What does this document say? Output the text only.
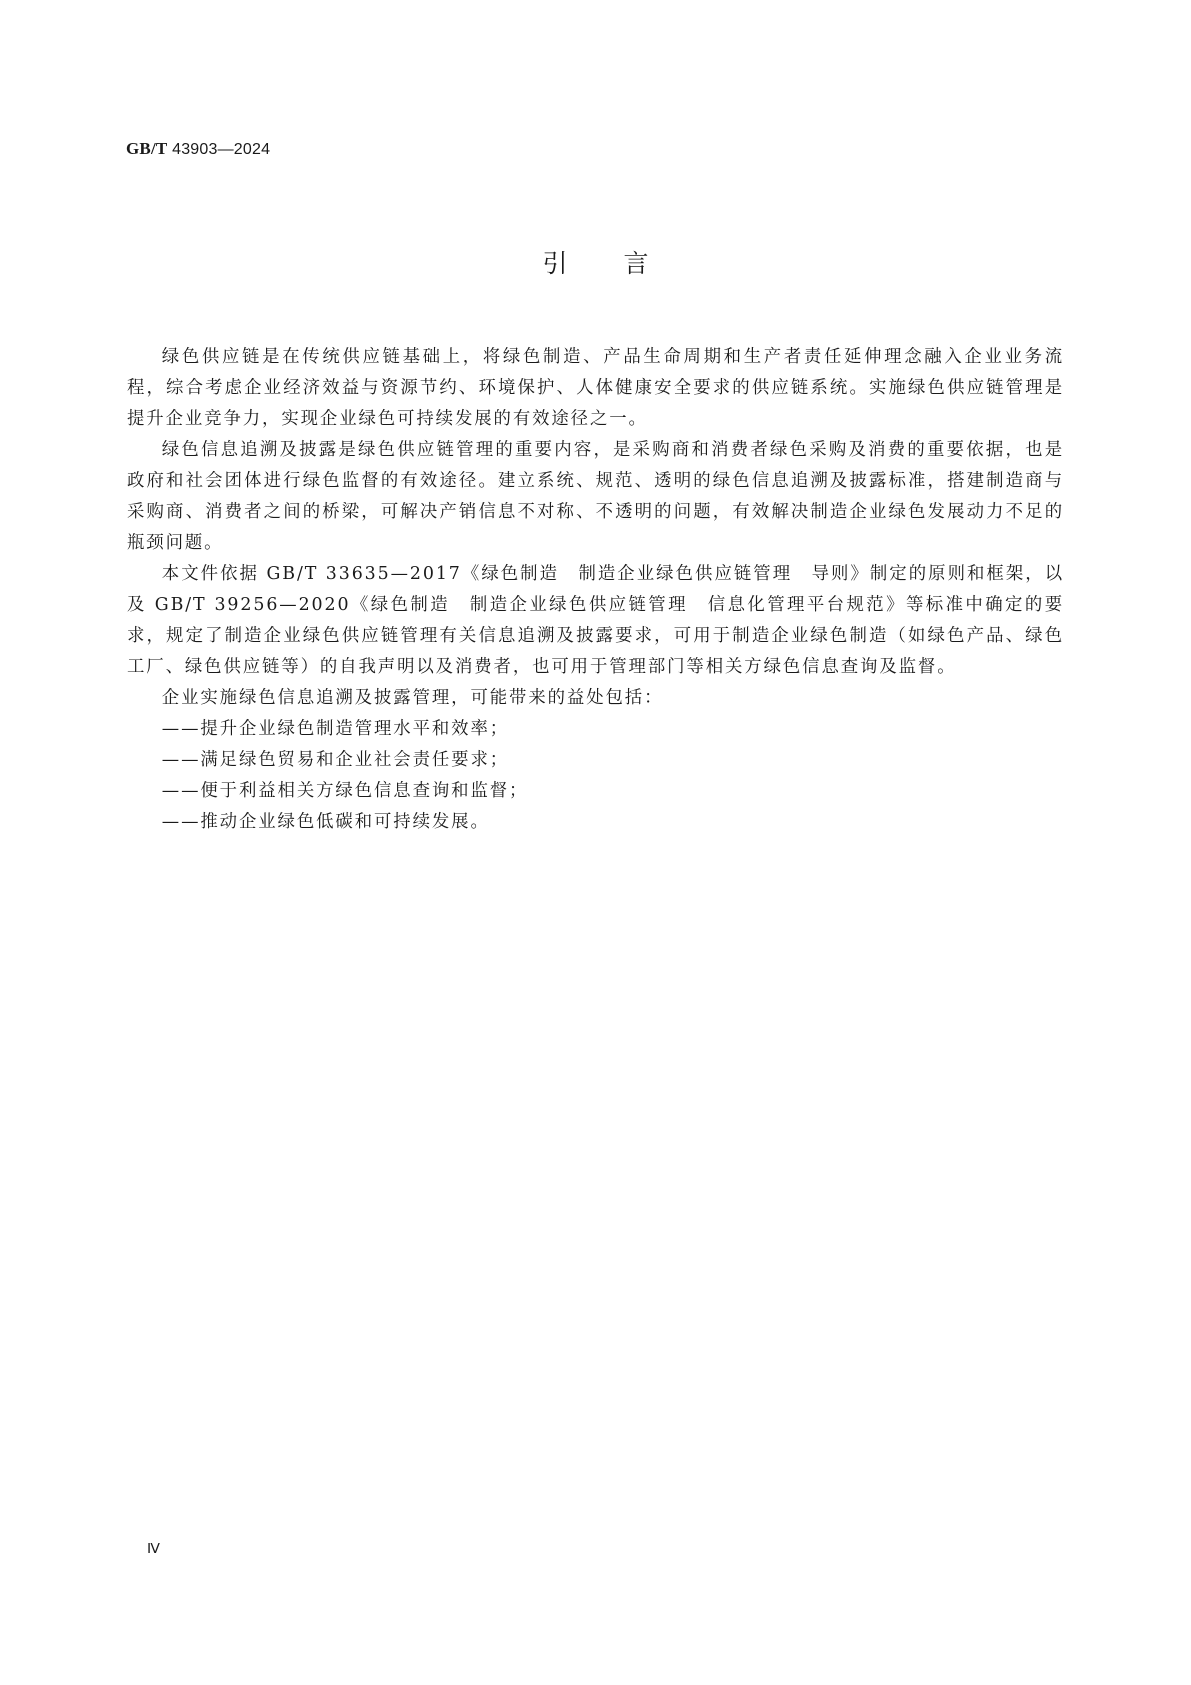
GB/T 43903—2024
引言

绿色供应链是在传统供应链基础上，将绿色制造、产品生命周期和生产者责任延伸理念融入企业业务流程，综合考虑企业经济效益与资源节约、环境保护、人体健康安全要求的供应链系统。实施绿色供应链管理是提升企业竞争力，实现企业绿色可持续发展的有效途径之一。

绿色信息追溯及披露是绿色供应链管理的重要内容，是采购商和消费者绿色采购及消费的重要依据，也是政府和社会团体进行绿色监督的有效途径。建立系统、规范、透明的绿色信息追溯及披露标准，搭建制造商与采购商、消费者之间的桥梁，可解决产销信息不对称、不透明的问题，有效解决制造企业绿色发展动力不足的瓶颈问题。

本文件依据 GB/T 33635—2017《绿色制造　制造企业绿色供应链管理　导则》制定的原则和框架，以及 GB/T 39256—2020《绿色制造　制造企业绿色供应链管理　信息化管理平台规范》等标准中确定的要求，规定了制造企业绿色供应链管理有关信息追溯及披露要求，可用于制造企业绿色制造（如绿色产品、绿色工厂、绿色供应链等）的自我声明以及消费者，也可用于管理部门等相关方绿色信息查询及监督。

企业实施绿色信息追溯及披露管理，可能带来的益处包括：

——提升企业绿色制造管理水平和效率；

——满足绿色贸易和企业社会责任要求；

——便于利益相关方绿色信息查询和监督；

——推动企业绿色低碳和可持续发展。

Ⅳ
